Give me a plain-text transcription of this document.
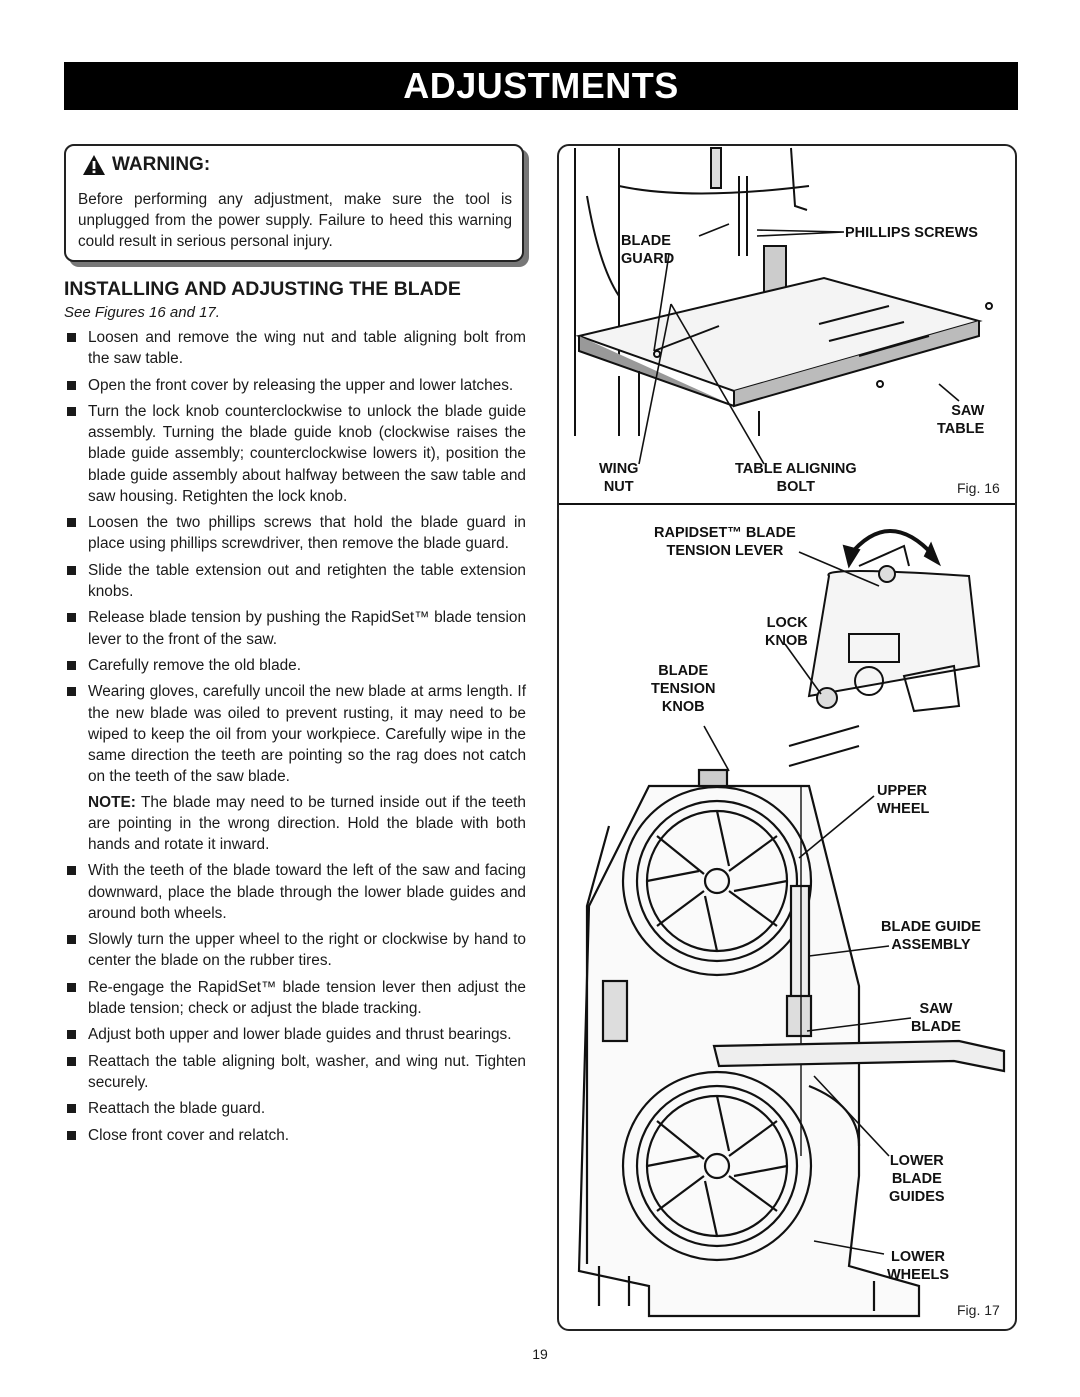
ADJUSTMENTS
WARNING:
Before performing any adjustment, make sure the tool is unplugged from the power supply. Failure to heed this warning could result in serious personal injury.
INSTALLING AND ADJUSTING THE BLADE
See Figures 16 and 17.
Loosen and remove the wing nut and table aligning bolt from the saw table.
Open the front cover by releasing the upper and lower latches.
Turn the lock knob counterclockwise to unlock the blade guide assembly. Turning the blade guide knob (clockwise raises the blade guide assembly; counterclockwise lowers it), position the blade guide assembly about halfway between the saw table and saw housing. Retighten the lock knob.
Loosen the two phillips screws that hold the blade guard in place using phillips screwdriver, then remove the blade guard.
Slide the table extension out and retighten the table extension knobs.
Release blade tension by pushing the RapidSet™ blade tension lever to the front of the saw.
Carefully remove the old blade.
Wearing gloves, carefully uncoil the new blade at arms length. If the new blade was oiled to prevent rusting, it may need to be wiped to keep the oil from your workpiece. Carefully wipe in the same direction the teeth are pointing so the rag does not catch on the teeth of the saw blade.
NOTE: The blade may need to be turned inside out if the teeth are pointing in the wrong direction. Hold the blade with both hands and rotate it inward.
With the teeth of the blade toward the left of the saw and facing downward, place the blade through the lower blade guides and around both wheels.
Slowly turn the upper wheel to the right or clockwise by hand to center the blade on the rubber tires.
Re-engage the RapidSet™ blade tension lever then adjust the blade tension; check or adjust the blade tracking.
Adjust both upper and lower blade guides and thrust bearings.
Reattach the table aligning bolt, washer, and wing nut. Tighten securely.
Reattach the blade guard.
Close front cover and relatch.
BLADE
GUARD
PHILLIPS SCREWS
SAW
TABLE
WING
NUT
TABLE ALIGNING
BOLT	Fig. 16
RAPIDSET™ BLADE
TENSION LEVER
LOCK
KNOB
BLADE
TENSION
KNOB
UPPER
WHEEL
BLADE GUIDE
ASSEMBLY
SAW
BLADE
LOWER
BLADE
GUIDES
LOWER
WHEELS
Fig. 17
19
